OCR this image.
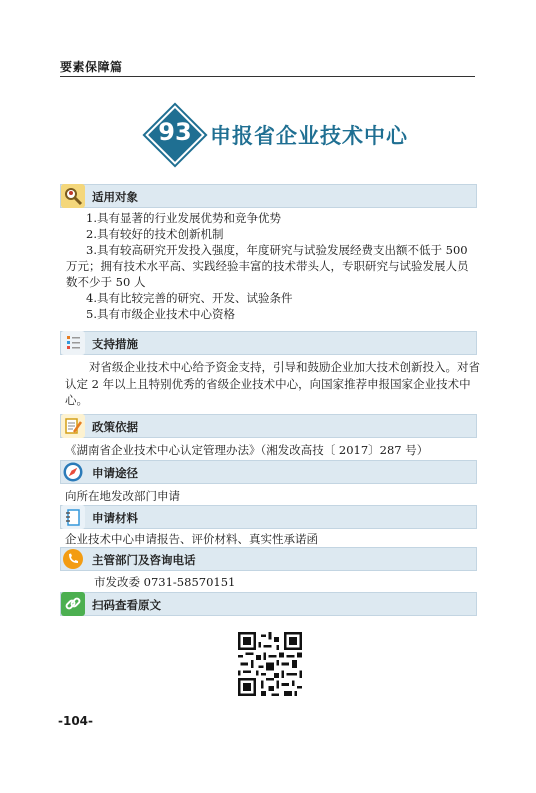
要素保障篇
93 申报省企业技术中心
适用对象
1.具有显著的行业发展优势和竞争优势
2.具有较好的技术创新机制
3.具有较高研究开发投入强度，年度研究与试验发展经费支出额不低于 500
万元；拥有技术水平高、实践经验丰富的技术带头人，专职研究与试验发展人员
数不少于 50 人
4.具有比较完善的研究、开发、试验条件
5.具有市级企业技术中心资格
支持措施
对省级企业技术中心给予资金支持，引导和鼓励企业加大技术创新投入。对省认定 2 年以上且特别优秀的省级企业技术中心，向国家推荐申报国家企业技术中心。
政策依据
《湖南省企业技术中心认定管理办法》（湘发改高技〔 2017〕287 号）
申请途径
向所在地发改部门申请
申请材料
企业技术中心申请报告、评价材料、真实性承诺函
主管部门及咨询电话
市发改委 0731-58570151
扫码查看原文
-104-
